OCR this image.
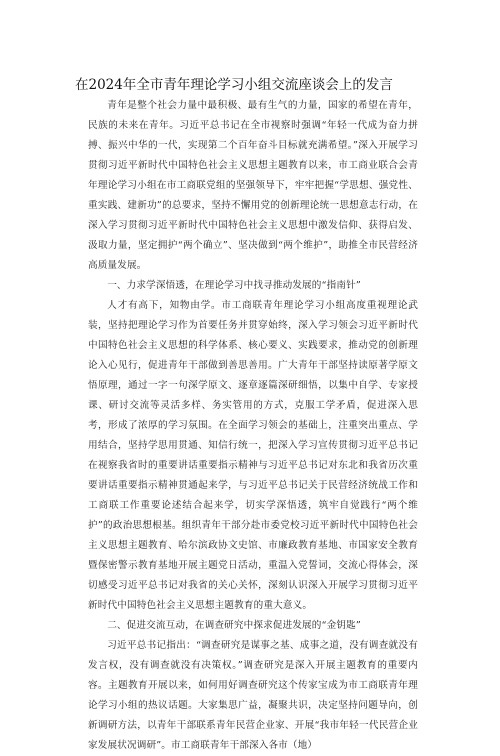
在2024年全市青年理论学习小组交流座谈会上的发言

青年是整个社会力量中最积极、最有生气的力量，国家的希望在青年，民族的未来在青年。习近平总书记在全市视察时强调“年轻一代成为奋力拼搏、振兴中华的一代，实现第二个百年奋斗目标就充满希望。”深入开展学习贯彻习近平新时代中国特色社会主义思想主题教育以来，市工商业联合会青年理论学习小组在市工商联党组的坚强领导下，牢牢把握“学思想、强党性、重实践、建新功”的总要求，坚持不懈用党的创新理论统一思想意志行动，在深入学习贯彻习近平新时代中国特色社会主义思想中激发信仰、获得启发、汲取力量，坚定拥护“两个确立”、坚决做到“两个维护”，助推全市民营经济高质量发展。

一、力求学深悟透，在理论学习中找寻推动发展的“指南针”

人才有高下，知物由学。市工商联青年理论学习小组高度重视理论武装，坚持把理论学习作为首要任务并贯穿始终，深入学习领会习近平新时代中国特色社会主义思想的科学体系、核心要义、实践要求，推动党的创新理论入心见行，促进青年干部做到善思善用。广大青年干部坚持读原著学原文悟原理，通过一字一句深学原文、逐章逐篇深研细悟，以集中自学、专家授课、研讨交流等灵活多样、务实管用的方式，克服工学矛盾，促进深入思考，形成了浓厚的学习氛围。在全面学习领会的基础上，注重突出重点、学用结合，坚持学思用贯通、知信行统一，把深入学习宣传贯彻习近平总书记在视察我省时的重要讲话重要指示精神与习近平总书记对东北和我省历次重要讲话重要指示精神贯通起来学，与习近平总书记关于民营经济统战工作和工商联工作重要论述结合起来学，切实学深悟透，筑牢自觉践行“两个维护”的政治思想根基。组织青年干部分赴市委党校习近平新时代中国特色社会主义思想主题教育、哈尔滨政协文史馆、市廉政教育基地、市国家安全教育暨保密警示教育基地开展主题党日活动，重温入党誓词，交流心得体会，深切感受习近平总书记对我省的关心关怀，深刻认识深入开展学习贯彻习近平新时代中国特色社会主义思想主题教育的重大意义。

二、促进交流互动，在调查研究中探求促进发展的“金钥匙”

习近平总书记指出：“调查研究是谋事之基、成事之道，没有调查就没有发言权，没有调查就没有决策权。”调查研究是深入开展主题教育的重要内容。主题教育开展以来，如何用好调查研究这个传家宝成为市工商联青年理论学习小组的热议话题。大家集思广益，凝聚共识，决定坚持问题导向，创新调研方法，以青年干部联系青年民营企业家、开展“我市年轻一代民营企业家发展状况调研”。市工商联青年干部深入各市（地）
